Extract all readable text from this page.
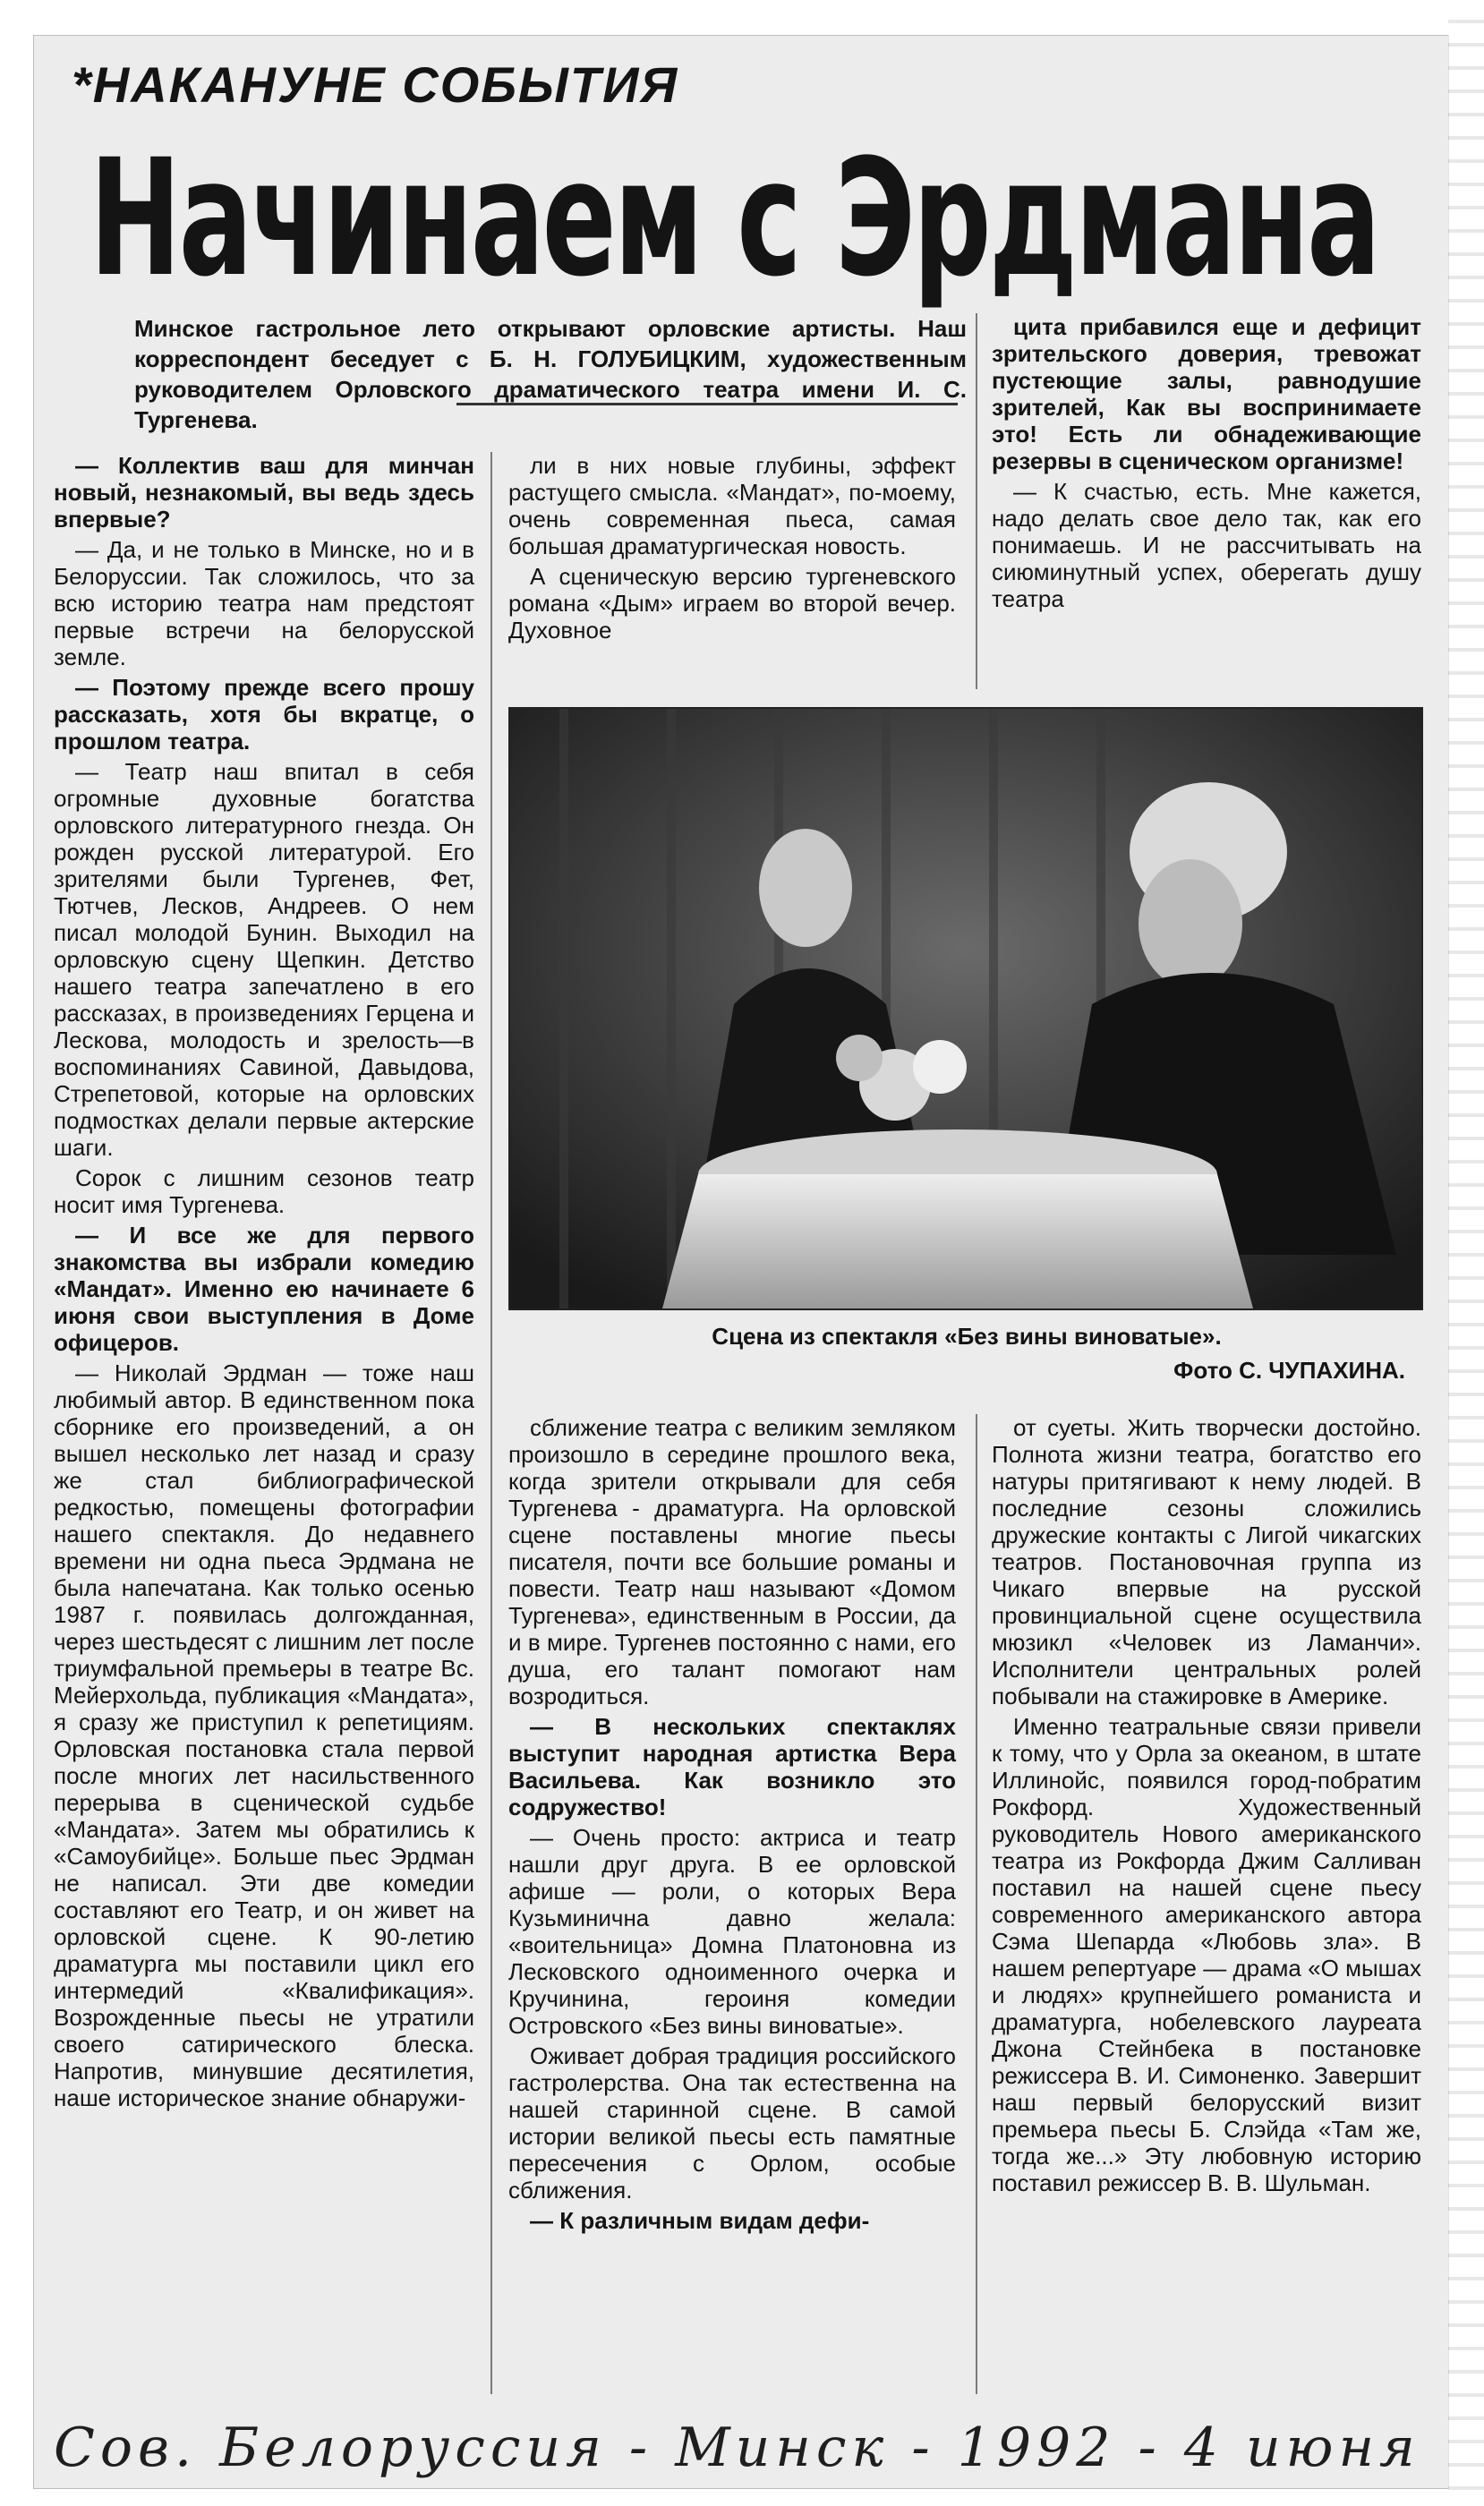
*НАКАНУНЕ СОБЫТИЯ
Начинаем с Эрдмана
Минское гастрольное лето открывают орловские артисты. Наш корреспондент беседует с Б. Н. ГОЛУБИЦКИМ, художественным руководителем Орловского драматического театра имени И. С. Тургенева.

— Коллектив ваш для минчан новый, незнакомый, вы ведь здесь впервые?

— Да, и не только в Минске, но и в Белоруссии. Так сложилось, что за всю историю театра нам предстоят первые встречи на белорусской земле.

— Поэтому прежде всего прошу рассказать, хотя бы вкратце, о прошлом театра.

— Театр наш впитал в себя огромные духовные богатства орловского литературного гнезда. Он рожден русской литературой. Его зрителями были Тургенев, Фет, Тютчев, Лесков, Андреев. О нем писал молодой Бунин. Выходил на орловскую сцену Щепкин. Детство нашего театра запечатлено в его рассказах, в произведениях Герцена и Лескова, молодость и зрелость—в воспоминаниях Савиной, Давыдова, Стрепетовой, которые на орловских подмостках делали первые актерские шаги.

Сорок с лишним сезонов театр носит имя Тургенева.

— И все же для первого знакомства вы избрали комедию «Мандат». Именно ею начинаете 6 июня свои выступления в Доме офицеров.

— Николай Эрдман — тоже наш любимый автор. В единственном пока сборнике его произведений, а он вышел несколько лет назад и сразу же стал библиографической редкостью, помещены фотографии нашего спектакля. До недавнего времени ни одна пьеса Эрдмана не была напечатана. Как только осенью 1987 г. появилась долгожданная, через шестьдесят с лишним лет после триумфальной премьеры в театре Вс. Мейерхольда, публикация «Мандата», я сразу же приступил к репетициям. Орловская постановка стала первой после многих лет насильственного перерыва в сценической судьбе «Мандата». Затем мы обратились к «Самоубийце». Больше пьес Эрдман не написал. Эти две комедии составляют его Театр, и он живет на орловской сцене. К 90-летию драматурга мы поставили цикл его интермедий «Квалификация». Возрожденные пьесы не утратили своего сатирического блеска. Напротив, минувшие десятилетия, наше историческое знание обнаружи-

ли в них новые глубины, эффект растущего смысла. «Мандат», по-моему, очень современная пьеса, самая большая драматургическая новость.

А сценическую версию тургеневского романа «Дым» играем во второй вечер. Духовное

цита прибавился еще и дефицит зрительского доверия, тревожат пустеющие залы, равнодушие зрителей, Как вы воспринимаете это! Есть ли обнадеживающие резервы в сценическом организме!

— К счастью, есть. Мне кажется, надо делать свое дело так, как его понимаешь. И не рассчитывать на сиюминутный успех, оберегать душу театра

Сцена из спектакля «Без вины виноватые».
Фото С. ЧУПАХИНА.

сближение театра с великим земляком произошло в середине прошлого века, когда зрители открывали для себя Тургенева - драматурга. На орловской сцене поставлены многие пьесы писателя, почти все большие романы и повести. Театр наш называют «Домом Тургенева», единственным в России, да и в мире. Тургенев постоянно с нами, его душа, его талант помогают нам возродиться.

— В нескольких спектаклях выступит народная артистка Вера Васильева. Как возникло это содружество!

— Очень просто: актриса и театр нашли друг друга. В ее орловской афише — роли, о которых Вера Кузьминична давно желала: «воительница» Домна Платоновна из Лесковского одноименного очерка и Кручинина, героиня комедии Островского «Без вины виноватые».

Оживает добрая традиция российского гастролерства. Она так естественна на нашей старинной сцене. В самой истории великой пьесы есть памятные пересечения с Орлом, особые сближения.

— К различным видам дефи-

от суеты. Жить творчески достойно. Полнота жизни театра, богатство его натуры притягивают к нему людей. В последние сезоны сложились дружеские контакты с Лигой чикагских театров. Постановочная группа из Чикаго впервые на русской провинциальной сцене осуществила мюзикл «Человек из Ламанчи». Исполнители центральных ролей побывали на стажировке в Америке.

Именно театральные связи привели к тому, что у Орла за океаном, в штате Иллинойс, появился город-побратим Рокфорд. Художественный руководитель Нового американского театра из Рокфорда Джим Салливан поставил на нашей сцене пьесу современного американского автора Сэма Шепарда «Любовь зла». В нашем репертуаре — драма «О мышах и людях» крупнейшего романиста и драматурга, нобелевского лауреата Джона Стейнбека в постановке режиссера В. И. Симоненко. Завершит наш первый белорусский визит премьера пьесы Б. Слэйда «Там же, тогда же...» Эту любовную историю поставил режиссер В. В. Шульман.

Сов. Белоруссия - Минск - 1992 - 4 июня
